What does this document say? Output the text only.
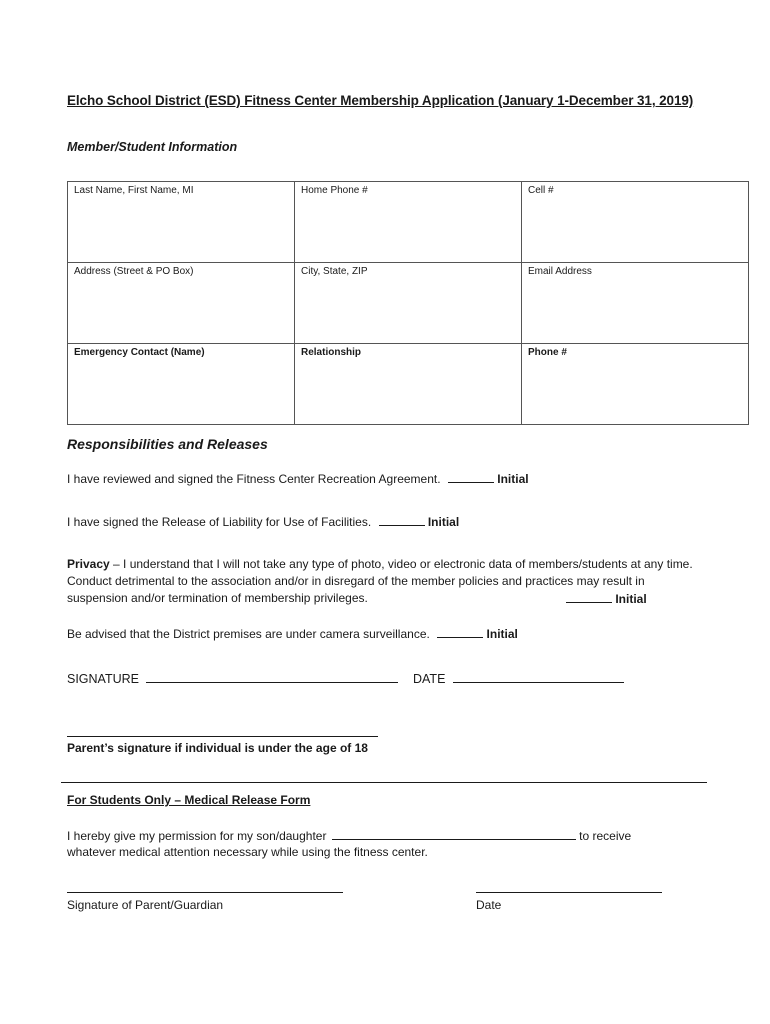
Elcho School District (ESD) Fitness Center Membership Application (January 1-December 31, 2019)
Member/Student Information
Last Name, First Name, MI	Home Phone #	Cell #
Address (Street & PO Box)	City, State, ZIP	Email Address
Emergency Contact (Name)	Relationship	Phone #
Responsibilities and Releases
I have reviewed and signed the Fitness Center Recreation Agreement.	Initial
I have signed the Release of Liability for Use of Facilities.	Initial
Privacy – I understand that I will not take any type of photo, video or electronic data of members/students at any time. Conduct detrimental to the association and/or in disregard of the member policies and practices may result in suspension and/or termination of membership privileges.	Initial
Be advised that the District premises are under camera surveillance.	Initial
SIGNATURE	DATE
Parent’s signature if individual is under the age of 18
For Students Only – Medical Release Form
I hereby give my permission for my son/daughter	to receive
whatever medical attention necessary while using the fitness center.
Signature of Parent/Guardian	Date
